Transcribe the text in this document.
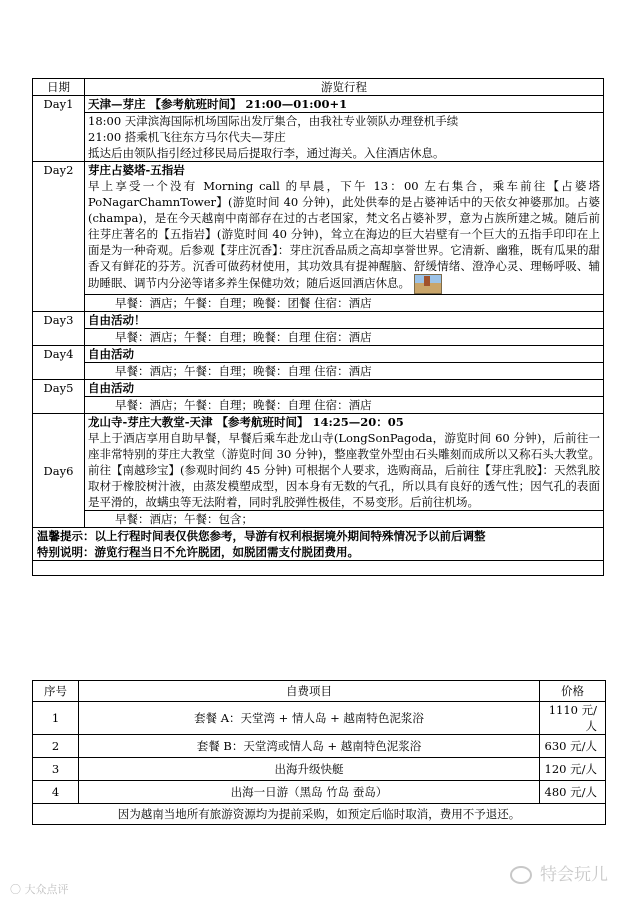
日期	游览行程
Day1	天津—芽庄 【参考航班时间】 21:00—01:00+1
18:00 天津滨海国际机场国际出发厅集合，由我社专业领队办理登机手续
21:00 搭乘机飞往东方马尔代夫—芽庄
抵达后由领队指引经过移民局后提取行李，通过海关。入住酒店休息。

Day2	芽庄占婆塔-五指岩
早上享受一个没有 Morning call 的早晨，下午 13：00 左右集合，乘车前往【占婆塔 PoNagarChamnTower】(游览时间 40 分钟)，此处供奉的是占婆神话中的天依女神婆那加。占婆(champa)，是在今天越南中南部存在过的古老国家，梵文名占婆补罗，意为占族所建之城。随后前往芽庄著名的【五指岩】(游览时间 40 分钟)，耸立在海边的巨大岩壁有一个巨大的五指手印印在上面是为一种奇观。后参观【芽庄沉香】：芽庄沉香品质之高却享誉世界。它清新、幽雅，既有瓜果的甜香又有鲜花的芬芳。沉香可做药材使用，其功效具有提神醒脑、舒缓情绪、澄净心灵、理畅呼吸、辅助睡眠、调节内分泌等诸多养生保健功效；随后返回酒店休息。
早餐：酒店；午餐：自理；晚餐：团餐 住宿：酒店

Day3	自由活动！
早餐：酒店；午餐：自理；晚餐：自理 住宿：酒店

Day4	自由活动
早餐：酒店；午餐：自理；晚餐：自理 住宿：酒店

Day5	自由活动
早餐：酒店；午餐：自理；晚餐：自理 住宿：酒店

Day6	龙山寺-芽庄大教堂-天津 【参考航班时间】 14:25—20：05
早上于酒店享用自助早餐，早餐后乘车赴龙山寺(LongSonPagoda，游览时间 60 分钟)，后前往一座非常特别的芽庄大教堂（游览时间 30 分钟)，整座教堂外型由石头雕刻而成所以又称石头大教堂。前往【南越珍宝】(参观时间约 45 分钟) 可根据个人要求，选购商品，后前往【芽庄乳胶】：天然乳胶取材于橡胶树汁液，由蒸发模塑成型，因本身有无数的气孔，所以具有良好的透气性；因气孔的表面是平滑的，故螨虫等无法附着，同时乳胶弹性极佳，不易变形。后前往机场。
早餐：酒店；午餐：包含；

温馨提示：以上行程时间表仅供您参考，导游有权利根据境外期间特殊情况予以前后调整
特别说明：游览行程当日不允许脱团，如脱团需支付脱团费用。	

序号	自费项目	价格
1	套餐 A：天堂湾 + 情人岛 + 越南特色泥浆浴	1110 元/人
2	套餐 B：天堂湾或情人岛 + 越南特色泥浆浴	630 元/人
3	出海升级快艇	120 元/人
4	出海一日游（黑岛 竹岛 蚕岛）	480 元/人
因为越南当地所有旅游资源均为提前采购，如预定后临时取消，费用不予退还。		
〇 大众点评
特会玩儿
